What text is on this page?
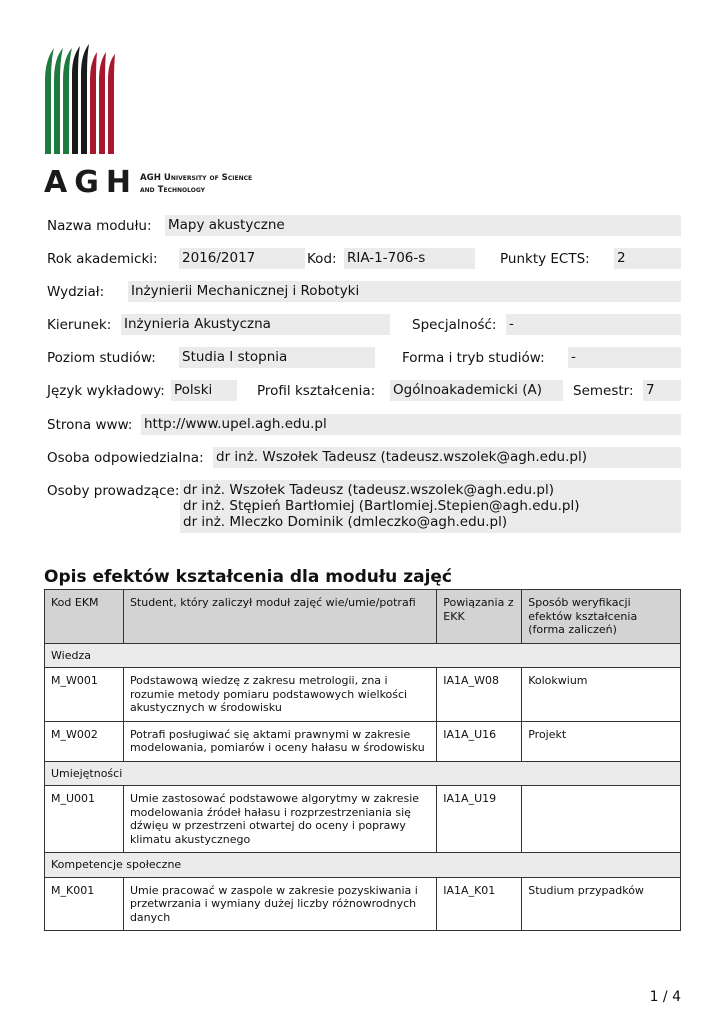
AGH AGH University of Science
and Technology
Nazwa modułu: Mapy akustyczne
Rok akademicki: 2016/2017	Kod: RIA-1-706-s	Punkty ECTS: 2
Wydział: Inżynierii Mechanicznej i Robotyki
Kierunek: Inżynieria Akustyczna	Specjalność: -
Poziom studiów: Studia I stopnia	Forma i tryb studiów: -
Język wykładowy: Polski	Profil kształcenia: Ogólnoakademicki (A)	Semestr: 7
Strona www: http://www.upel.agh.edu.pl
Osoba odpowiedzialna: dr inż. Wszołek Tadeusz (tadeusz.wszolek@agh.edu.pl)
Osoby prowadzące: dr inż. Wszołek Tadeusz (tadeusz.wszolek@agh.edu.pl)
dr inż. Stępień Bartłomiej (Bartlomiej.Stepien@agh.edu.pl)
dr inż. Mleczko Dominik (dmleczko@agh.edu.pl)
Opis efektów kształcenia dla modułu zajęć
Kod EKM	Student, który zaliczył moduł zajęć wie/umie/potrafi	Powiązania z EKK	Sposób weryfikacji efektów kształcenia (forma zaliczeń)
Wiedza			
M_W001	Podstawową wiedzę z zakresu metrologii, zna i rozumie metody pomiaru podstawowych wielkości akustycznych w środowisku	IA1A_W08	Kolokwium
M_W002	Potrafi posługiwać się aktami prawnymi w zakresie modelowania, pomiarów i oceny hałasu w środowisku	IA1A_U16	Projekt
Umiejętności			
M_U001	Umie zastosować podstawowe algorytmy w zakresie modelowania źródeł hałasu i rozprzestrzeniania się dźwięu w przestrzeni otwartej do oceny i poprawy klimatu akustycznego	IA1A_U19	
Kompetencje społeczne			
M_K001	Umie pracować w zaspole w zakresie pozyskiwania i przetwrzania i wymiany dużej liczby różnowrodnych danych	IA1A_K01	Studium przypadków
1 / 4
